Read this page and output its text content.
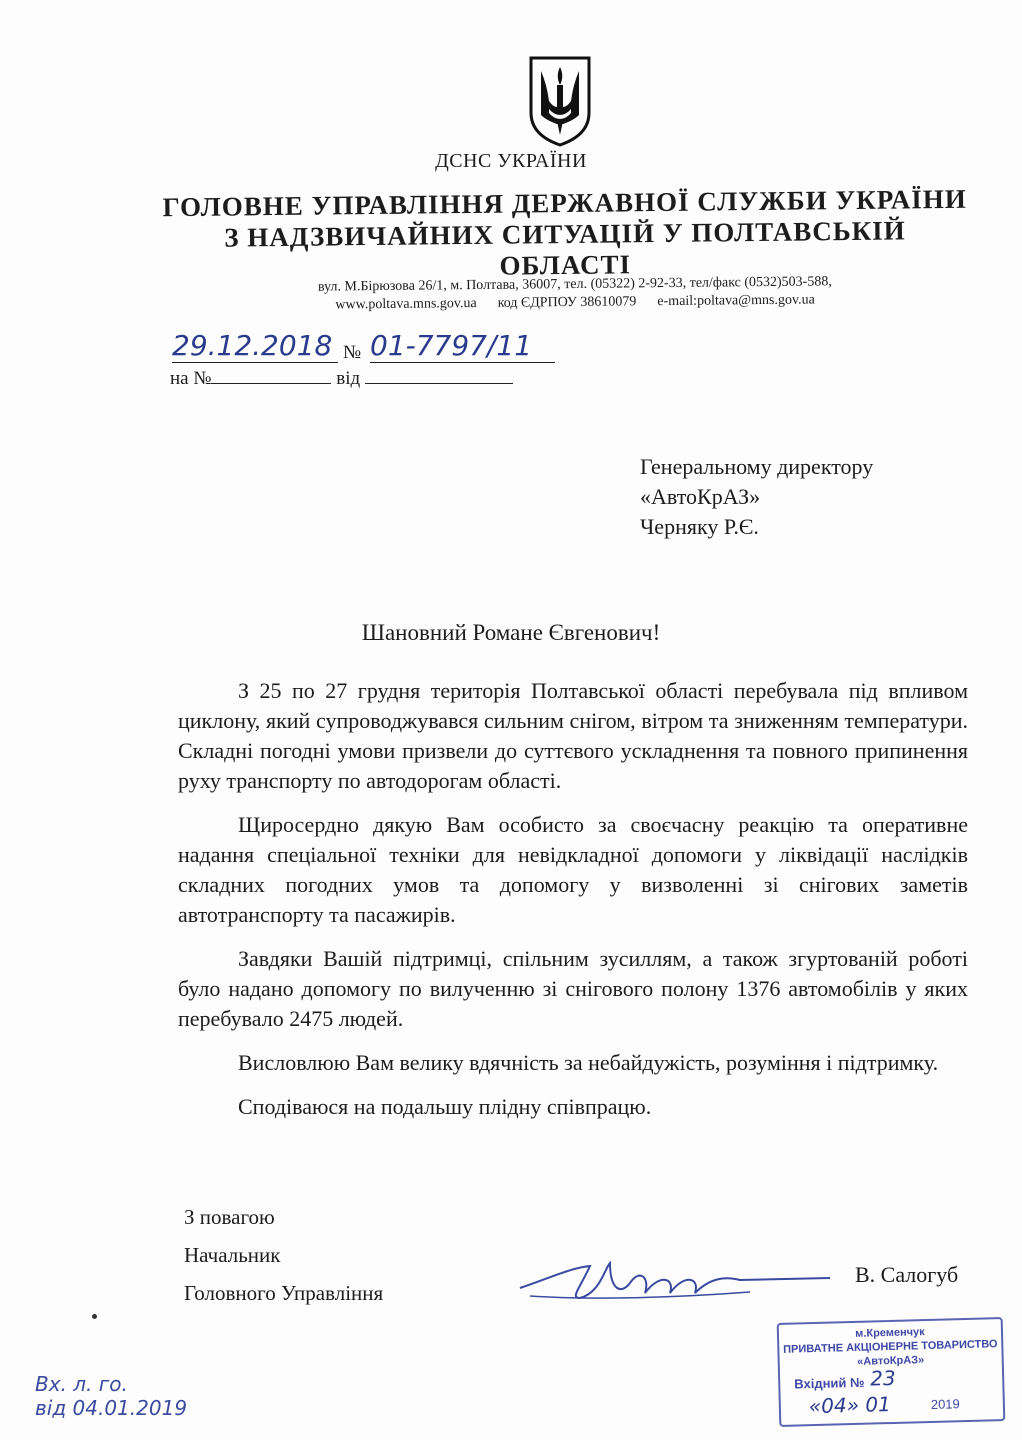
ДСНС УКРАЇНИ
ГОЛОВНЕ УПРАВЛІННЯ ДЕРЖАВНОЇ СЛУЖБИ УКРАЇНИ
З НАДЗВИЧАЙНИХ СИТУАЦІЙ У ПОЛТАВСЬКІЙ
ОБЛАСТІ
вул. М.Бірюзова 26/1, м. Полтава, 36007, тел. (05322) 2-92-33, тел/факс (0532)503-588,
www.poltava.mns.gov.ua      код ЄДРПОУ 38610079      e-mail:poltava@mns.gov.ua
29.12.2018 № 01-7797/11
на №	від
Генеральному директору
«АвтоКрАЗ»
Черняку Р.Є.
Шановний Романе Євгенович!

З 25 по 27 грудня територія Полтавської області перебувала під впливом циклону, який супроводжувався сильним снігом, вітром та зниженням температури. Складні погодні умови призвели до суттєвого ускладнення та повного припинення руху транспорту по автодорогам області.

Щиросердно дякую Вам особисто за своєчасну реакцію та оперативне надання спеціальної техніки для невідкладної допомоги у ліквідації наслідків складних погодних умов та допомогу у визволенні зі снігових заметів автотранспорту та пасажирів.

Завдяки Вашій підтримці, спільним зусиллям, а також згуртованій роботі було надано допомогу по вилученню зі снігового полону 1376 автомобілів у яких перебувало 2475 людей.

Висловлюю Вам велику вдячність за небайдужість, розуміння і підтримку.

Сподіваюся на подальшу плідну співпрацю.

З повагою
Начальник
Головного Управління
В. Салогуб
м.Кременчук
ПРИВАТНЕ АКЦІОНЕРНЕ ТОВАРИСТВО
«АвтоКрАЗ»
Вхідний № 23
«04» 01	2019
Вх. л. го.
від 04.01.2019
